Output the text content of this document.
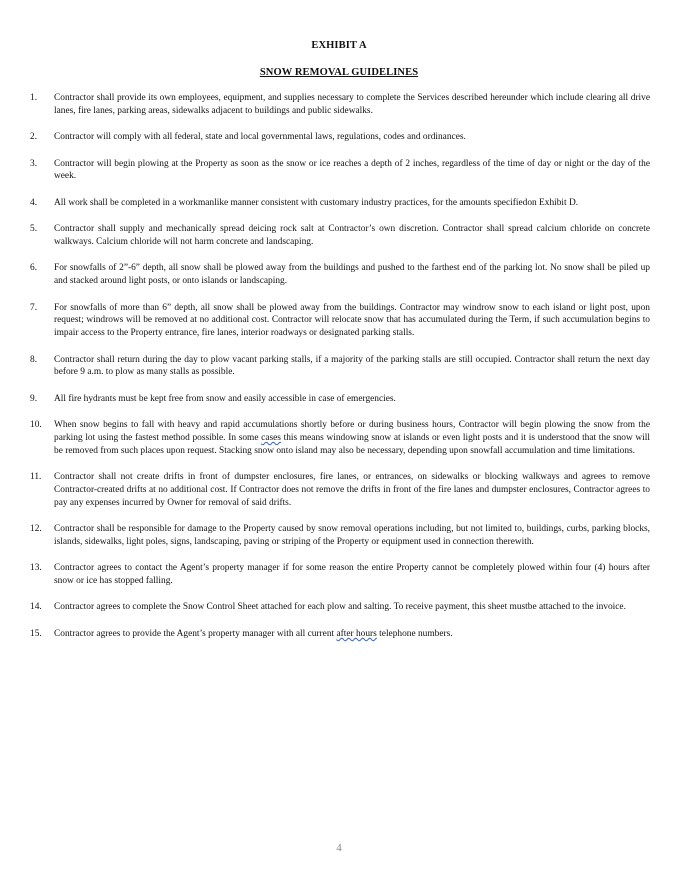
EXHIBIT A
SNOW REMOVAL GUIDELINES
1.	Contractor shall provide its own employees, equipment, and supplies necessary to complete the Services described hereunder which include clearing all drive lanes, fire lanes, parking areas, sidewalks adjacent to buildings and public sidewalks.
2.	Contractor will comply with all federal, state and local governmental laws, regulations, codes and ordinances.
3.	Contractor will begin plowing at the Property as soon as the snow or ice reaches a depth of 2 inches, regardless of the time of day or night or the day of the week.
4.	All work shall be completed in a workmanlike manner consistent with customary industry practices, for the amounts specifiedon Exhibit D.
5.	Contractor shall supply and mechanically spread deicing rock salt at Contractor’s own discretion. Contractor shall spread calcium chloride on concrete walkways. Calcium chloride will not harm concrete and landscaping.
6.	For snowfalls of 2”-6” depth, all snow shall be plowed away from the buildings and pushed to the farthest end of the parking lot. No snow shall be piled up and stacked around light posts, or onto islands or landscaping.
7.	For snowfalls of more than 6” depth, all snow shall be plowed away from the buildings. Contractor may windrow snow to each island or light post, upon request; windrows will be removed at no additional cost. Contractor will relocate snow that has accumulated during the Term, if such accumulation begins to impair access to the Property entrance, fire lanes, interior roadways or designated parking stalls.
8.	Contractor shall return during the day to plow vacant parking stalls, if a majority of the parking stalls are still occupied. Contractor shall return the next day before 9 a.m. to plow as many stalls as possible.
9.	All fire hydrants must be kept free from snow and easily accessible in case of emergencies.
10.	When snow begins to fall with heavy and rapid accumulations shortly before or during business hours, Contractor will begin plowing the snow from the parking lot using the fastest method possible. In some cases this means windowing snow at islands or even light posts and it is understood that the snow will be removed from such places upon request. Stacking snow onto island may also be necessary, depending upon snowfall accumulation and time limitations.
11.	Contractor shall not create drifts in front of dumpster enclosures, fire lanes, or entrances, on sidewalks or blocking walkways and agrees to remove Contractor-created drifts at no additional cost. If Contractor does not remove the drifts in front of the fire lanes and dumpster enclosures, Contractor agrees to pay any expenses incurred by Owner for removal of said drifts.
12.	Contractor shall be responsible for damage to the Property caused by snow removal operations including, but not limited to, buildings, curbs, parking blocks, islands, sidewalks, light poles, signs, landscaping, paving or striping of the Property or equipment used in connection therewith.
13.	Contractor agrees to contact the Agent’s property manager if for some reason the entire Property cannot be completely plowed within four (4) hours after snow or ice has stopped falling.
14.	Contractor agrees to complete the Snow Control Sheet attached for each plow and salting. To receive payment, this sheet mustbe attached to the invoice.
15.	Contractor agrees to provide the Agent’s property manager with all current after hours telephone numbers.
4
